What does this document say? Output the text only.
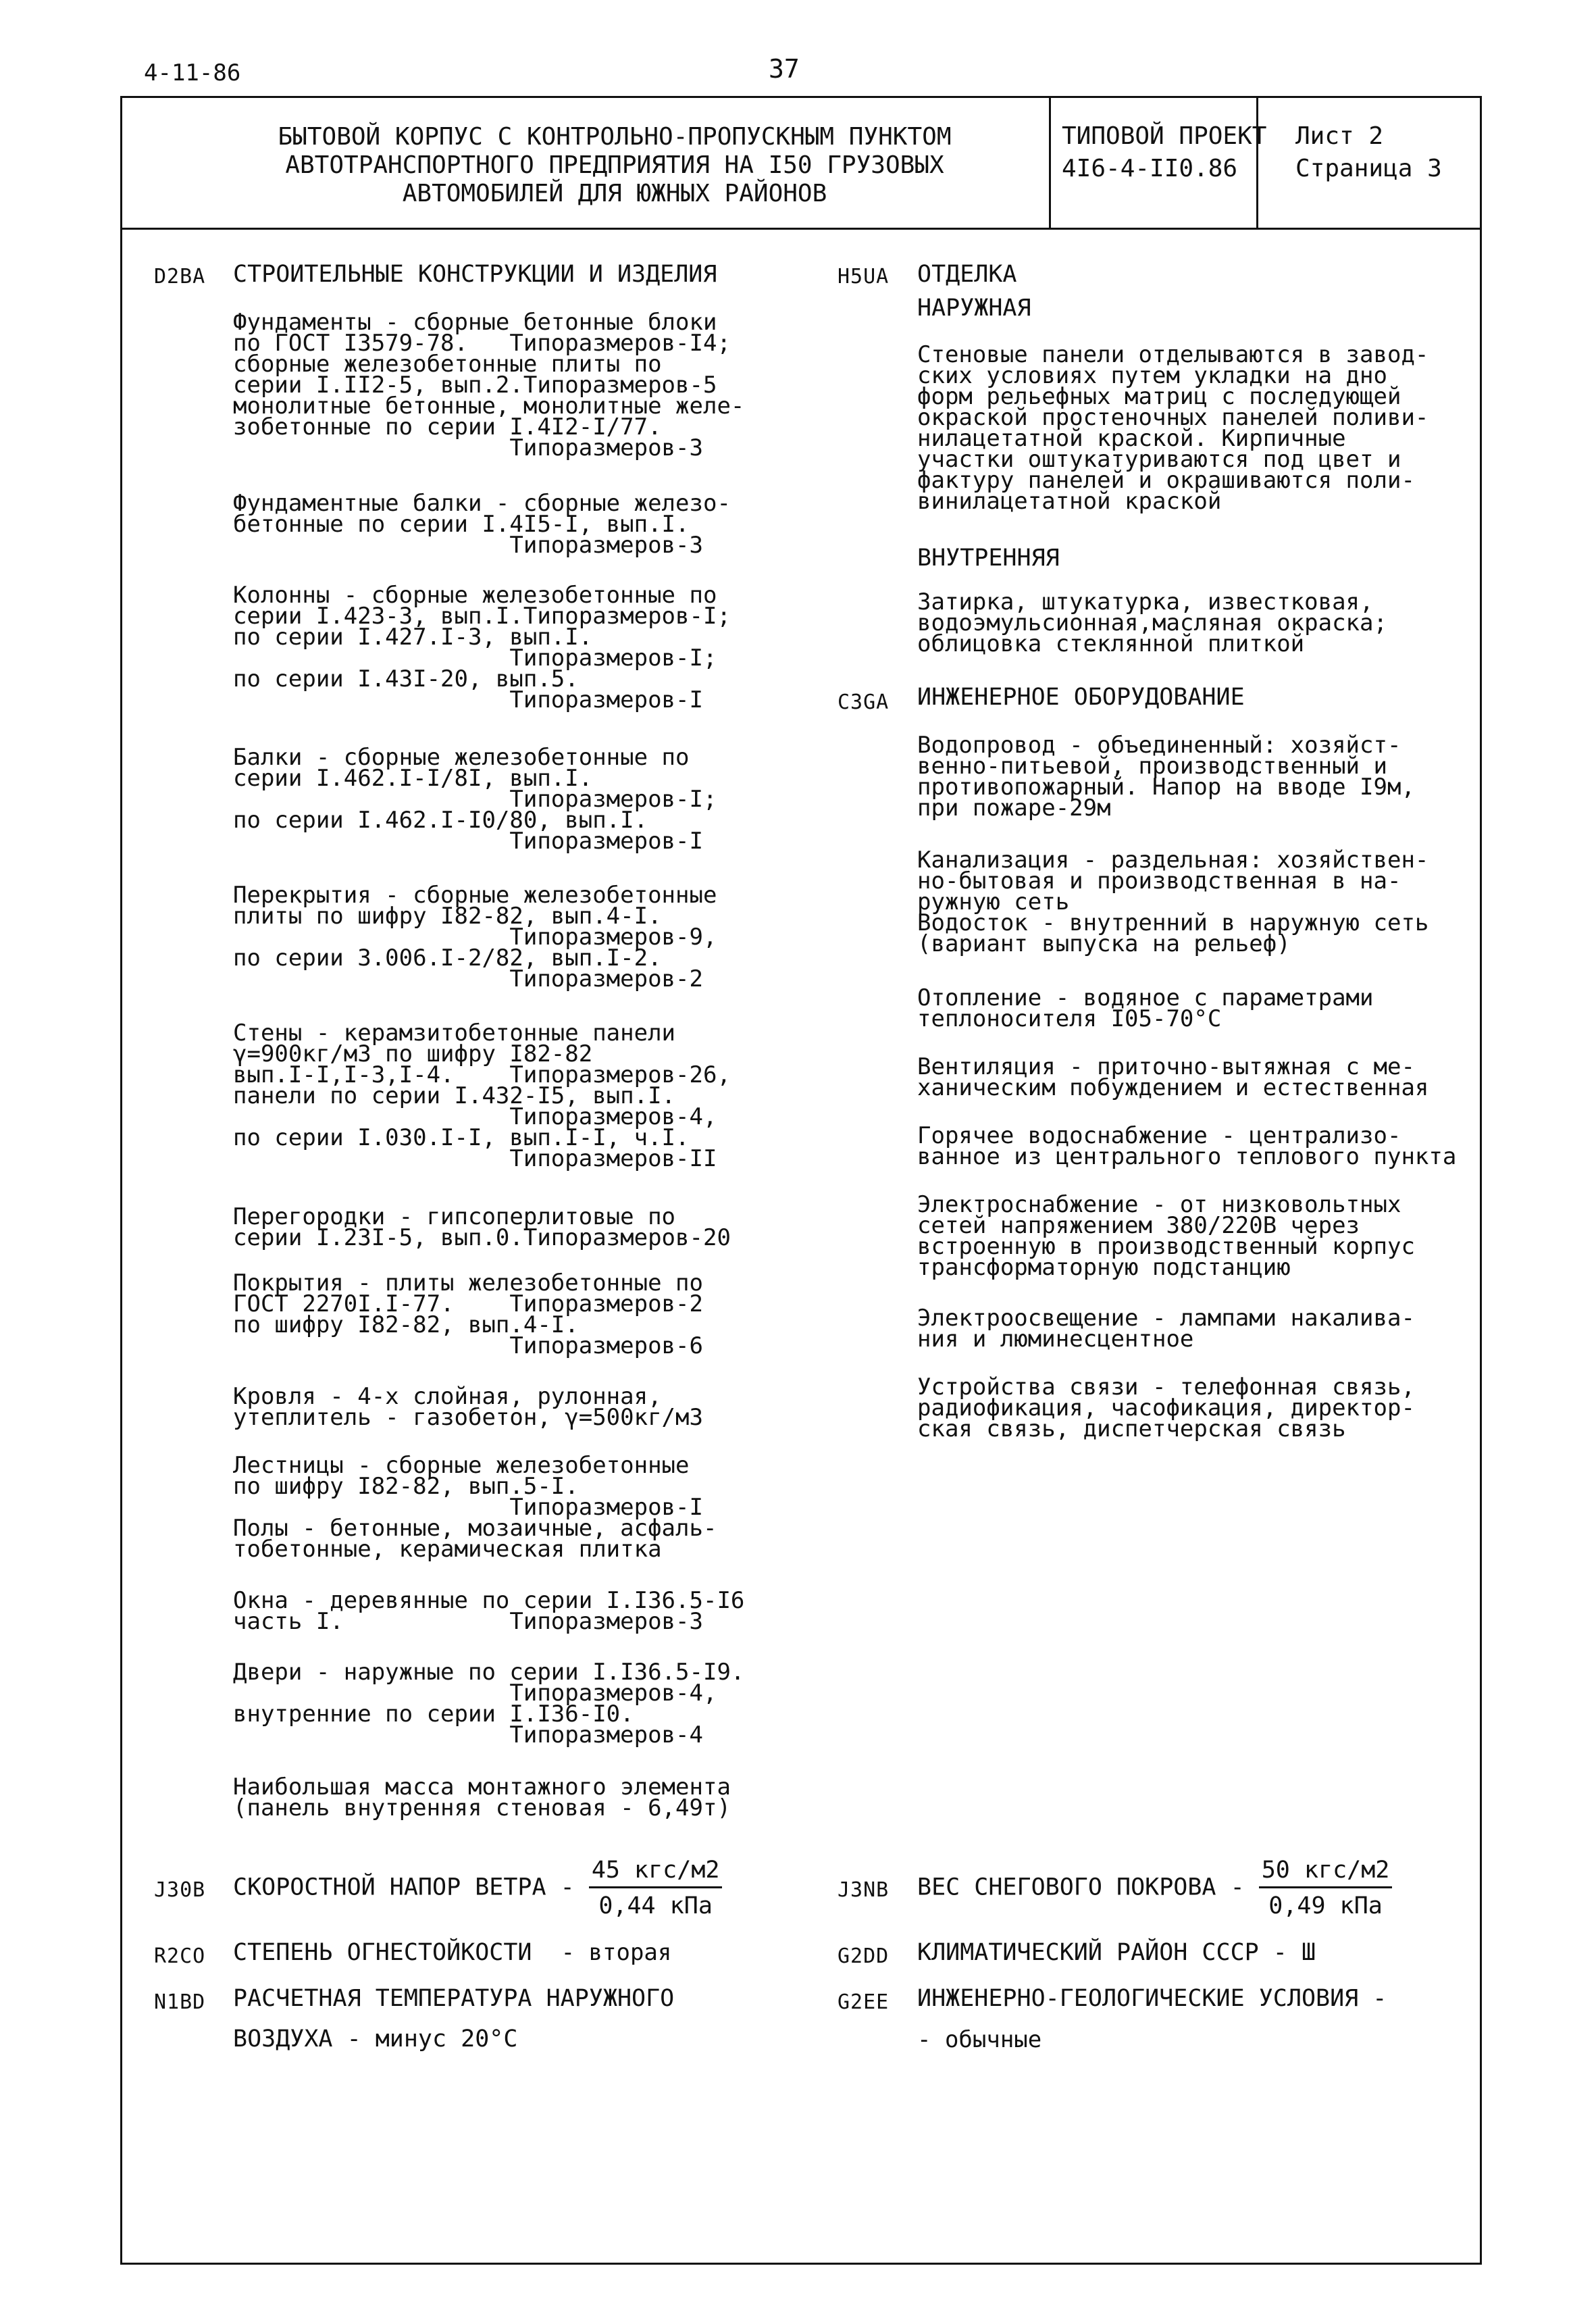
4-11-86	37
БЫТОВОЙ КОРПУС С КОНТРОЛЬНО-ПРОПУСКНЫМ ПУНКТОМ
АВТОТРАНСПОРТНОГО ПРЕДПРИЯТИЯ НА I50 ГРУЗОВЫХ
АВТОМОБИЛЕЙ ДЛЯ ЮЖНЫХ РАЙОНОВ
ТИПОВОЙ ПРОЕКТ
4I6-4-II0.86
Лист 2
Страница 3
D2BA СТРОИТЕЛЬНЫЕ КОНСТРУКЦИИ И ИЗДЕЛИЯ
Фундаменты - сборные бетонные блоки
по ГОСТ I3579-78.   Типоразмеров-I4;
сборные железобетонные плиты по
серии I.II2-5, вып.2.Типоразмеров-5
монолитные бетонные, монолитные желе-
зобетонные по серии I.4I2-I/77.
Типоразмеров-3
Фундаментные балки - сборные железо-
бетонные по серии I.4I5-I, вып.I.
Типоразмеров-3
Колонны - сборные железобетонные по
серии I.423-3, вып.I.Типоразмеров-I;
по серии I.427.I-3, вып.I.
Типоразмеров-I;
по серии I.43I-20, вып.5.
Типоразмеров-I
Балки - сборные железобетонные по
серии I.462.I-I/8I, вып.I.
Типоразмеров-I;
по серии I.462.I-I0/80, вып.I.
Типоразмеров-I
Перекрытия - сборные железобетонные
плиты по шифру I82-82, вып.4-I.
Типоразмеров-9,
по серии 3.006.I-2/82, вып.I-2.
Типоразмеров-2
Стены - керамзитобетонные панели
γ=900кг/м3 по шифру I82-82
вып.I-I,I-3,I-4.    Типоразмеров-26,
панели по серии I.432-I5, вып.I.
Типоразмеров-4,
по серии I.030.I-I, вып.I-I, ч.I.
Типоразмеров-II
Перегородки - гипсоперлитовые по
серии I.23I-5, вып.0.Типоразмеров-20
Покрытия - плиты железобетонные по
ГОСТ 2270I.I-77.    Типоразмеров-2
по шифру I82-82, вып.4-I.
Типоразмеров-6
Кровля - 4-х слойная, рулонная,
утеплитель - газобетон, γ=500кг/м3
Лестницы - сборные железобетонные
по шифру I82-82, вып.5-I.
Типоразмеров-I
Полы - бетонные, мозаичные, асфаль-
тобетонные, керамическая плитка
Окна - деревянные по серии I.I36.5-I6
часть I.            Типоразмеров-3
Двери - наружные по серии I.I36.5-I9.
Типоразмеров-4,
внутренние по серии I.I36-I0.
Типоразмеров-4
Наибольшая масса монтажного элемента
(панель внутренняя стеновая - 6,49т)
H5UA ОТДЕЛКА
НАРУЖНАЯ
Стеновые панели отделываются в завод-
ских условиях путем укладки на дно
форм рельефных матриц с последующей
окраской простеночных панелей поливи-
нилацетатной краской. Кирпичные
участки оштукатуриваются под цвет и
фактуру панелей и окрашиваются поли-
винилацетатной краской
ВНУТРЕННЯЯ
Затирка, штукатурка, известковая,
водоэмульсионная,масляная окраска;
облицовка стеклянной плиткой
C3GA ИНЖЕНЕРНОЕ ОБОРУДОВАНИЕ
Водопровод - объединенный: хозяйст-
венно-питьевой, производственный и
противопожарный. Напор на вводе I9м,
при пожаре-29м
Канализация - раздельная: хозяйствен-
но-бытовая и производственная в на-
ружную сеть
Водосток - внутренний в наружную сеть
(вариант выпуска на рельеф)
Отопление - водяное с параметрами
теплоносителя I05-70°C
Вентиляция - приточно-вытяжная с ме-
ханическим побуждением и естественная
Горячее водоснабжение - централизо-
ванное из центрального теплового пункта
Электроснабжение - от низковольтных
сетей напряжением 380/220В через
встроенную в производственный корпус
трансформаторную подстанцию
Электроосвещение - лампами накалива-
ния и люминесцентное
Устройства связи - телефонная связь,
радиофикация, часофикация, директор-
ская связь, диспетчерская связь
J30B СКОРОСТНОЙ НАПОР ВЕТРА - $\frac{\text{45 кгс/м2}}{\text{0,44 кПа}}$	J3NB ВЕС СНЕГОВОГО ПОКРОВА - $\frac{\text{50 кгс/м2}}{\text{0,49 кПа}}$
R2CO СТЕПЕНЬ ОГНЕСТОЙКОСТИ - вторая	G2DD КЛИМАТИЧЕСКИЙ РАЙОН СССР - Ш
N1BD РАСЧЕТНАЯ ТЕМПЕРАТУРА НАРУЖНОГО
ВОЗДУХА - минус 20°C
G2EE ИНЖЕНЕРНО-ГЕОЛОГИЧЕСКИЕ УСЛОВИЯ -
- обычные
